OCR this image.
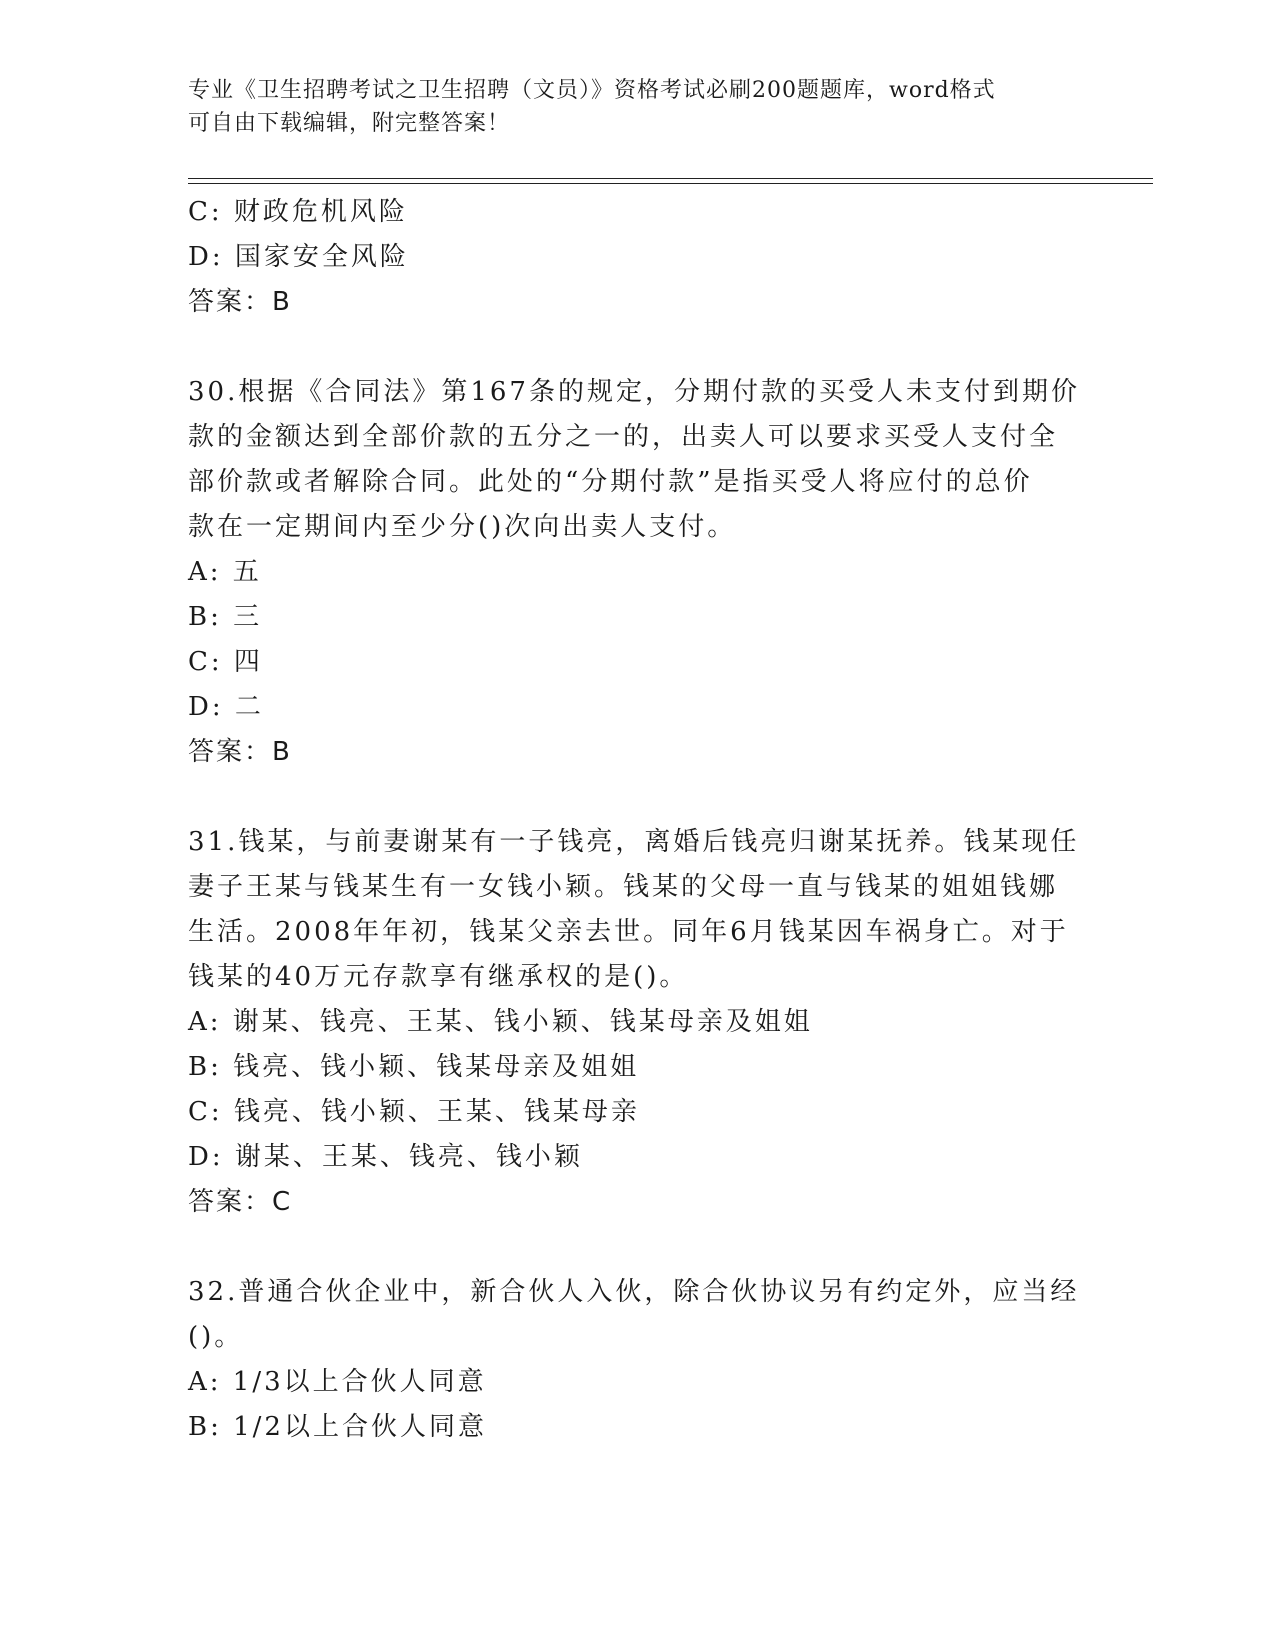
专业《卫生招聘考试之卫生招聘（文员）》资格考试必刷200题题库，word格式
可自由下载编辑，附完整答案！
C: 财政危机风险
D: 国家安全风险
答案：B
30.根据《合同法》第167条的规定，分期付款的买受人未支付到期价
款的金额达到全部价款的五分之一的，出卖人可以要求买受人支付全
部价款或者解除合同。此处的“分期付款”是指买受人将应付的总价
款在一定期间内至少分()次向出卖人支付。
A: 五
B: 三
C: 四
D: 二
答案：B
31.钱某，与前妻谢某有一子钱亮，离婚后钱亮归谢某抚养。钱某现任
妻子王某与钱某生有一女钱小颖。钱某的父母一直与钱某的姐姐钱娜
生活。2008年年初，钱某父亲去世。同年6月钱某因车祸身亡。对于
钱某的40万元存款享有继承权的是()。
A: 谢某、钱亮、王某、钱小颖、钱某母亲及姐姐
B: 钱亮、钱小颖、钱某母亲及姐姐
C: 钱亮、钱小颖、王某、钱某母亲
D: 谢某、王某、钱亮、钱小颖
答案：C
32.普通合伙企业中，新合伙人入伙，除合伙协议另有约定外，应当经
()。
A: 1/3以上合伙人同意
B: 1/2以上合伙人同意
